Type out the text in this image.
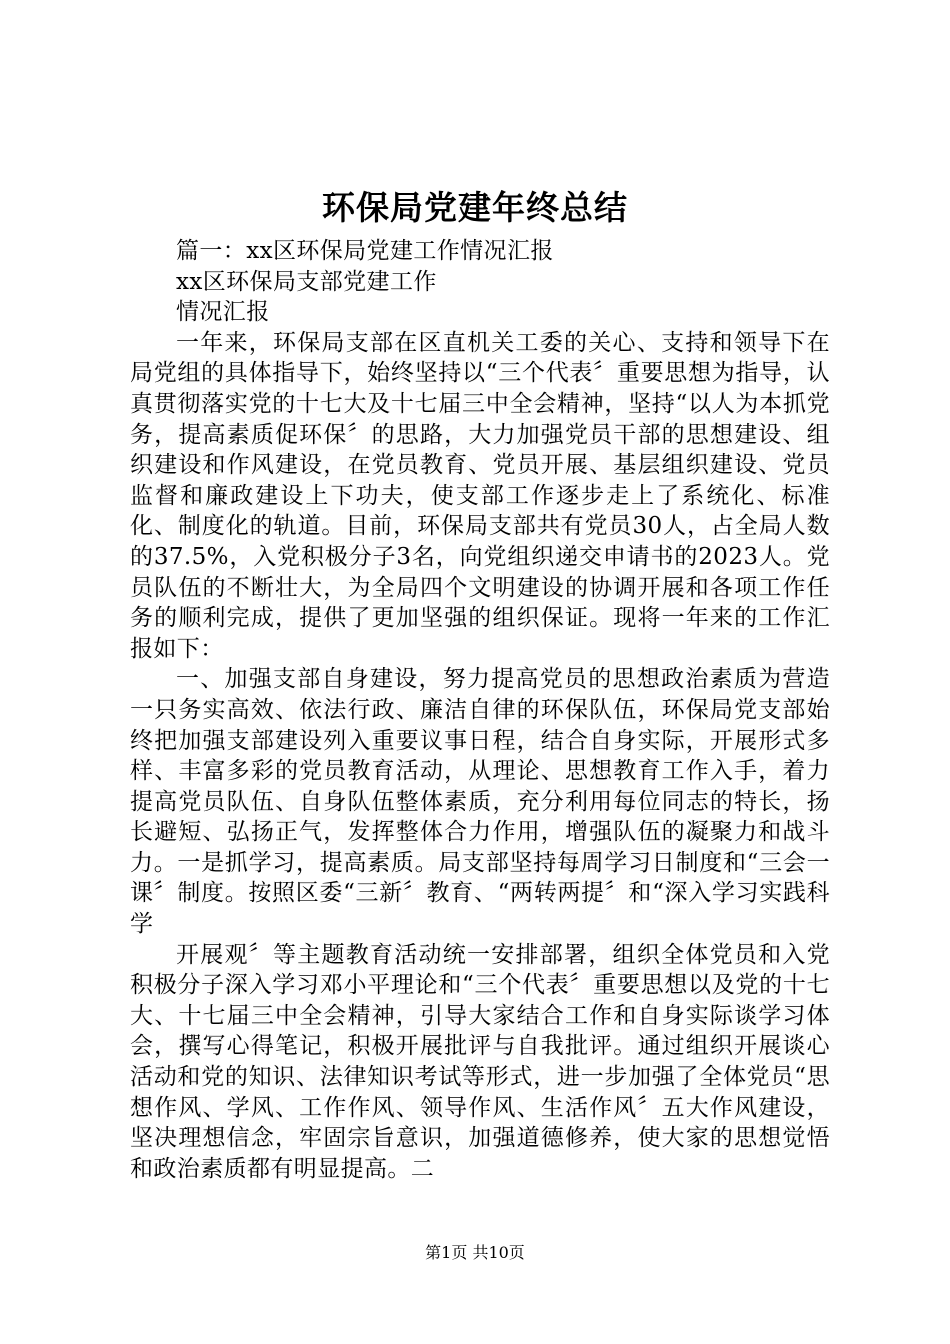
环保局党建年终总结

篇一：xx区环保局党建工作情况汇报

xx区环保局支部党建工作

情况汇报

一年来，环保局支部在区直机关工委的关心、支持和领导下在局党组的具体指导下，始终坚持以“三个代表〞重要思想为指导，认真贯彻落实党的十七大及十七届三中全会精神，坚持“以人为本抓党务，提高素质促环保〞的思路，大力加强党员干部的思想建设、组织建设和作风建设，在党员教育、党员开展、基层组织建设、党员监督和廉政建设上下功夫，使支部工作逐步走上了系统化、标准化、制度化的轨道。目前，环保局支部共有党员30人，占全局人数的37.5%，入党积极分子3名，向党组织递交申请书的2023人。党员队伍的不断壮大，为全局四个文明建设的协调开展和各项工作任务的顺利完成，提供了更加坚强的组织保证。现将一年来的工作汇报如下：

一、加强支部自身建设，努力提高党员的思想政治素质为营造一只务实高效、依法行政、廉洁自律的环保队伍，环保局党支部始终把加强支部建设列入重要议事日程，结合自身实际，开展形式多样、丰富多彩的党员教育活动，从理论、思想教育工作入手，着力提高党员队伍、自身队伍整体素质，充分利用每位同志的特长，扬长避短、弘扬正气，发挥整体合力作用，增强队伍的凝聚力和战斗力。一是抓学习，提高素质。局支部坚持每周学习日制度和“三会一课〞制度。按照区委“三新〞教育、“两转两提〞和“深入学习实践科学

开展观〞等主题教育活动统一安排部署，组织全体党员和入党积极分子深入学习邓小平理论和“三个代表〞重要思想以及党的十七大、十七届三中全会精神，引导大家结合工作和自身实际谈学习体会，撰写心得笔记，积极开展批评与自我批评。通过组织开展谈心活动和党的知识、法律知识考试等形式，进一步加强了全体党员“思想作风、学风、工作作风、领导作风、生活作风〞五大作风建设，坚决理想信念，牢固宗旨意识，加强道德修养，使大家的思想觉悟和政治素质都有明显提高。二

第1页 共10页
